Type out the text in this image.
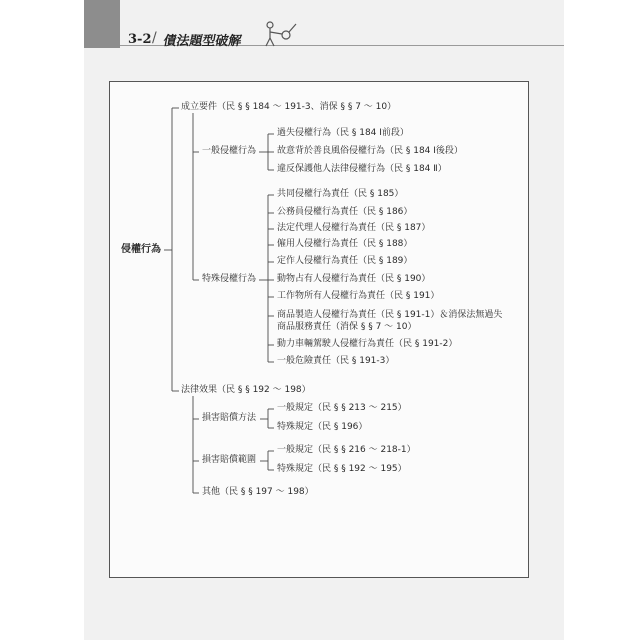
3-2 / 債法題型破解
侵權行為
成立要件（民 § § 184 ～ 191-3、消保 § § 7 ～ 10）
一般侵權行為
過失侵權行為（民 § 184 Ⅰ前段）
故意背於善良風俗侵權行為（民 § 184 Ⅰ後段）
違反保護他人法律侵權行為（民 § 184 Ⅱ）
特殊侵權行為
共同侵權行為責任（民 § 185）
公務員侵權行為責任（民 § 186）
法定代理人侵權行為責任（民 § 187）
僱用人侵權行為責任（民 § 188）
定作人侵權行為責任（民 § 189）
動物占有人侵權行為責任（民 § 190）
工作物所有人侵權行為責任（民 § 191）
商品製造人侵權行為責任（民 § 191-1）＆消保法無過失
商品服務責任（消保 § § 7 ～ 10）
動力車輛駕駛人侵權行為責任（民 § 191-2）
一般危險責任（民 § 191-3）
法律效果（民 § § 192 ～ 198）
損害賠償方法
一般規定（民 § § 213 ～ 215）
特殊規定（民 § 196）
損害賠償範圍
一般規定（民 § § 216 ～ 218-1）
特殊規定（民 § § 192 ～ 195）
其他（民 § § 197 ～ 198）
